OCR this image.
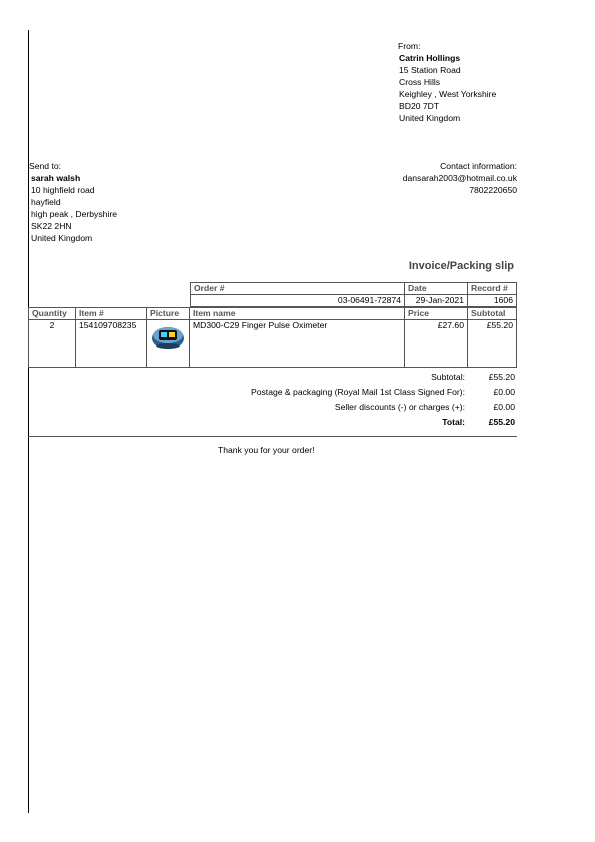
From:
Catrin Hollings
15 Station Road
Cross Hills
Keighley , West Yorkshire
BD20 7DT
United Kingdom
Send to:
sarah walsh
10 highfield road
hayfield
high peak , Derbyshire
SK22 2HN
United Kingdom
Contact information:
dansarah2003@hotmail.co.uk
7802220650
Invoice/Packing slip
Order #	Date	Record #
03-06491-72874	29-Jan-2021	1606
Quantity	Item #	Picture	Item name	Price	Subtotal
2	154109708235		MD300-C29 Finger Pulse Oximeter	£27.60	£55.20
Subtotal:	£55.20
Postage & packaging (Royal Mail 1st Class Signed For):	£0.00
Seller discounts (-) or charges (+):	£0.00
Total:	£55.20
Thank you for your order!
